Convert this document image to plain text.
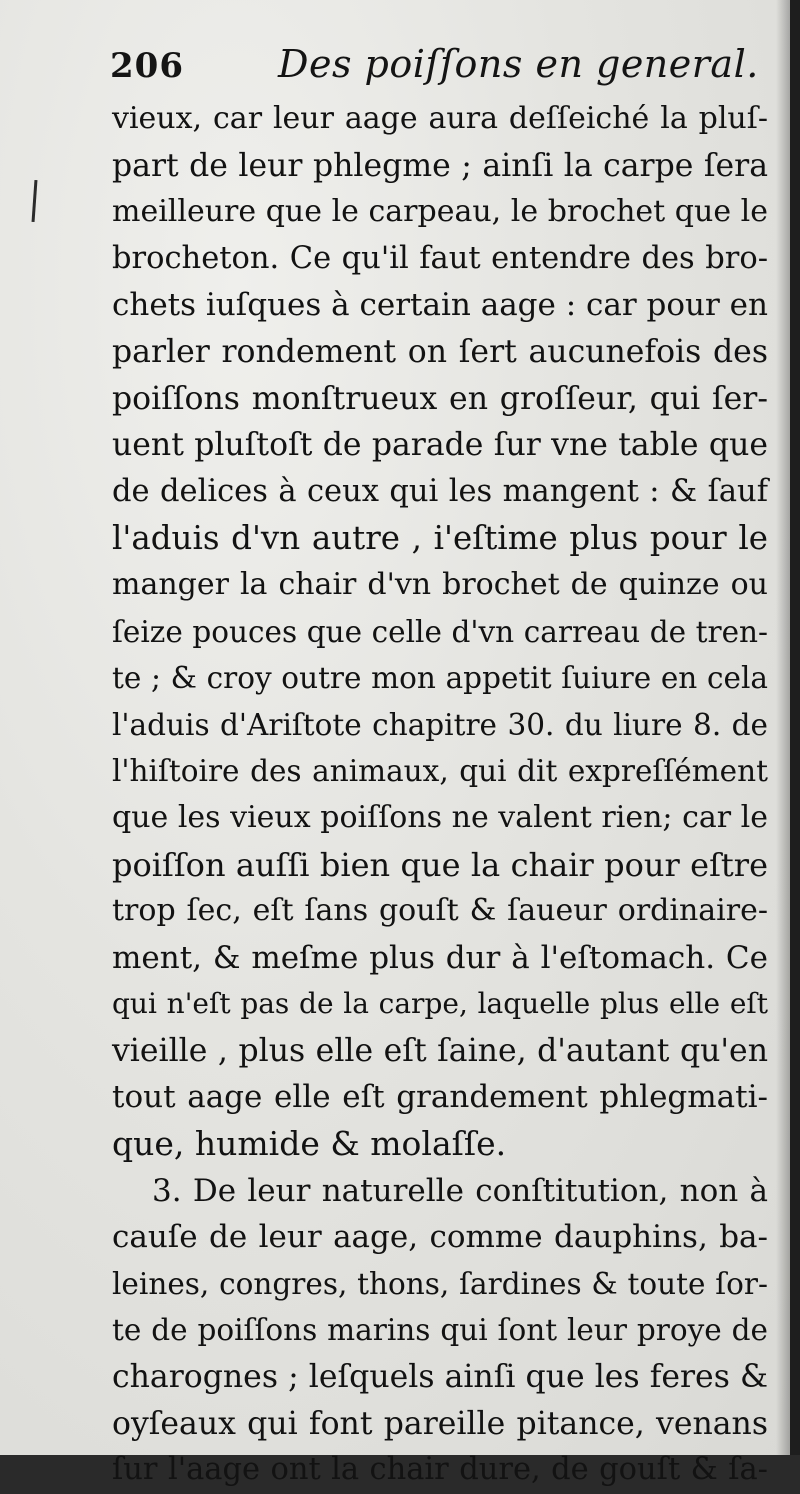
206 Des poiſſons en general.
vieux, car leur aage aura deſſeiché la pluſ-
part de leur phlegme ; ainſi la carpe ſera
meilleure que le carpeau, le brochet que le
brocheton. Ce qu'il faut entendre des bro-
chets iuſques à certain aage : car pour en
parler rondement on ſert aucunefois des
poiſſons monſtrueux en groſſeur, qui ſer-
uent pluſtoſt de parade ſur vne table que
de delices à ceux qui les mangent : & ſauf
l'aduis d'vn autre , i'eſtime plus pour le
manger la chair d'vn brochet de quinze ou
ſeize pouces que celle d'vn carreau de tren-
te ; & croy outre mon appetit ſuiure en cela
l'aduis d'Ariſtote chapitre 30. du liure 8. de
l'hiſtoire des animaux, qui dit expreſſément
que les vieux poiſſons ne valent rien; car le
poiſſon auſſi bien que la chair pour eſtre
trop ſec, eſt ſans gouſt & ſaueur ordinaire-
ment, & meſme plus dur à l'eſtomach. Ce
qui n'eſt pas de la carpe, laquelle plus elle eſt
vieille , plus elle eſt ſaine, d'autant qu'en
tout aage elle eſt grandement phlegmati-
que, humide & molaſſe.
3. De leur naturelle conſtitution, non à
cauſe de leur aage, comme dauphins, ba-
leines, congres, thons, ſardines & toute ſor-
te de poiſſons marins qui ſont leur proye de
charognes ; leſquels ainſi que les feres &
oyſeaux qui font pareille pitance, venans
ſur l'aage ont la chair dure, de gouſt & ſa-
